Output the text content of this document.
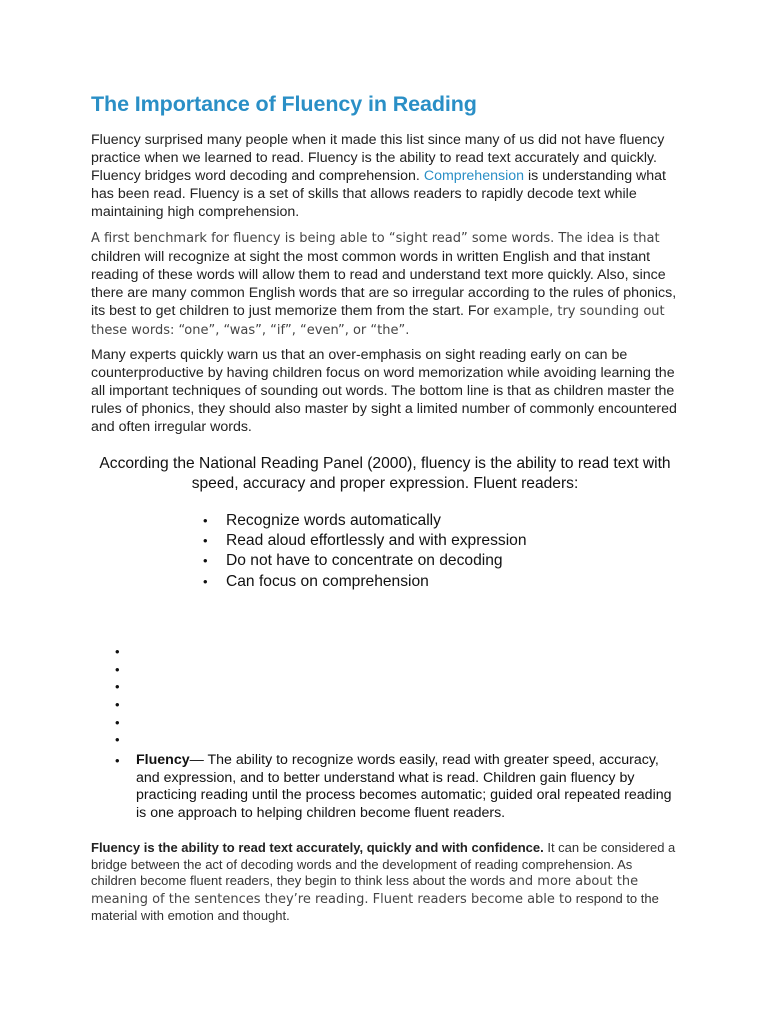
The Importance of Fluency in Reading

Fluency surprised many people when it made this list since many of us did not have fluency practice when we learned to read. Fluency is the ability to read text accurately and quickly. Fluency bridges word decoding and comprehension. Comprehension is understanding what has been read. Fluency is a set of skills that allows readers to rapidly decode text while maintaining high comprehension.

A first benchmark for fluency is being able to “sight read” some words. The idea is that children will recognize at sight the most common words in written English and that instant reading of these words will allow them to read and understand text more quickly. Also, since there are many common English words that are so irregular according to the rules of phonics, its best to get children to just memorize them from the start. For example, try sounding out these words: “one”, “was”, “if”, “even”, or “the”.

Many experts quickly warn us that an over-emphasis on sight reading early on can be counterproductive by having children focus on word memorization while avoiding learning the all important techniques of sounding out words. The bottom line is that as children master the rules of phonics, they should also master by sight a limited number of commonly encountered and often irregular words.

According the National Reading Panel (2000), fluency is the ability to read text with speed, accuracy and proper expression. Fluent readers:

• Recognize words automatically
• Read aloud effortlessly and with expression
• Do not have to concentrate on decoding
• Can focus on comprehension
•
•
•
•
•
•

• Fluency— The ability to recognize words easily, read with greater speed, accuracy, and expression, and to better understand what is read. Children gain fluency by practicing reading until the process becomes automatic; guided oral repeated reading is one approach to helping children become fluent readers.

Fluency is the ability to read text accurately, quickly and with confidence. It can be considered a bridge between the act of decoding words and the development of reading comprehension. As children become fluent readers, they begin to think less about the words and more about the meaning of the sentences they’re reading. Fluent readers become able to respond to the material with emotion and thought.
